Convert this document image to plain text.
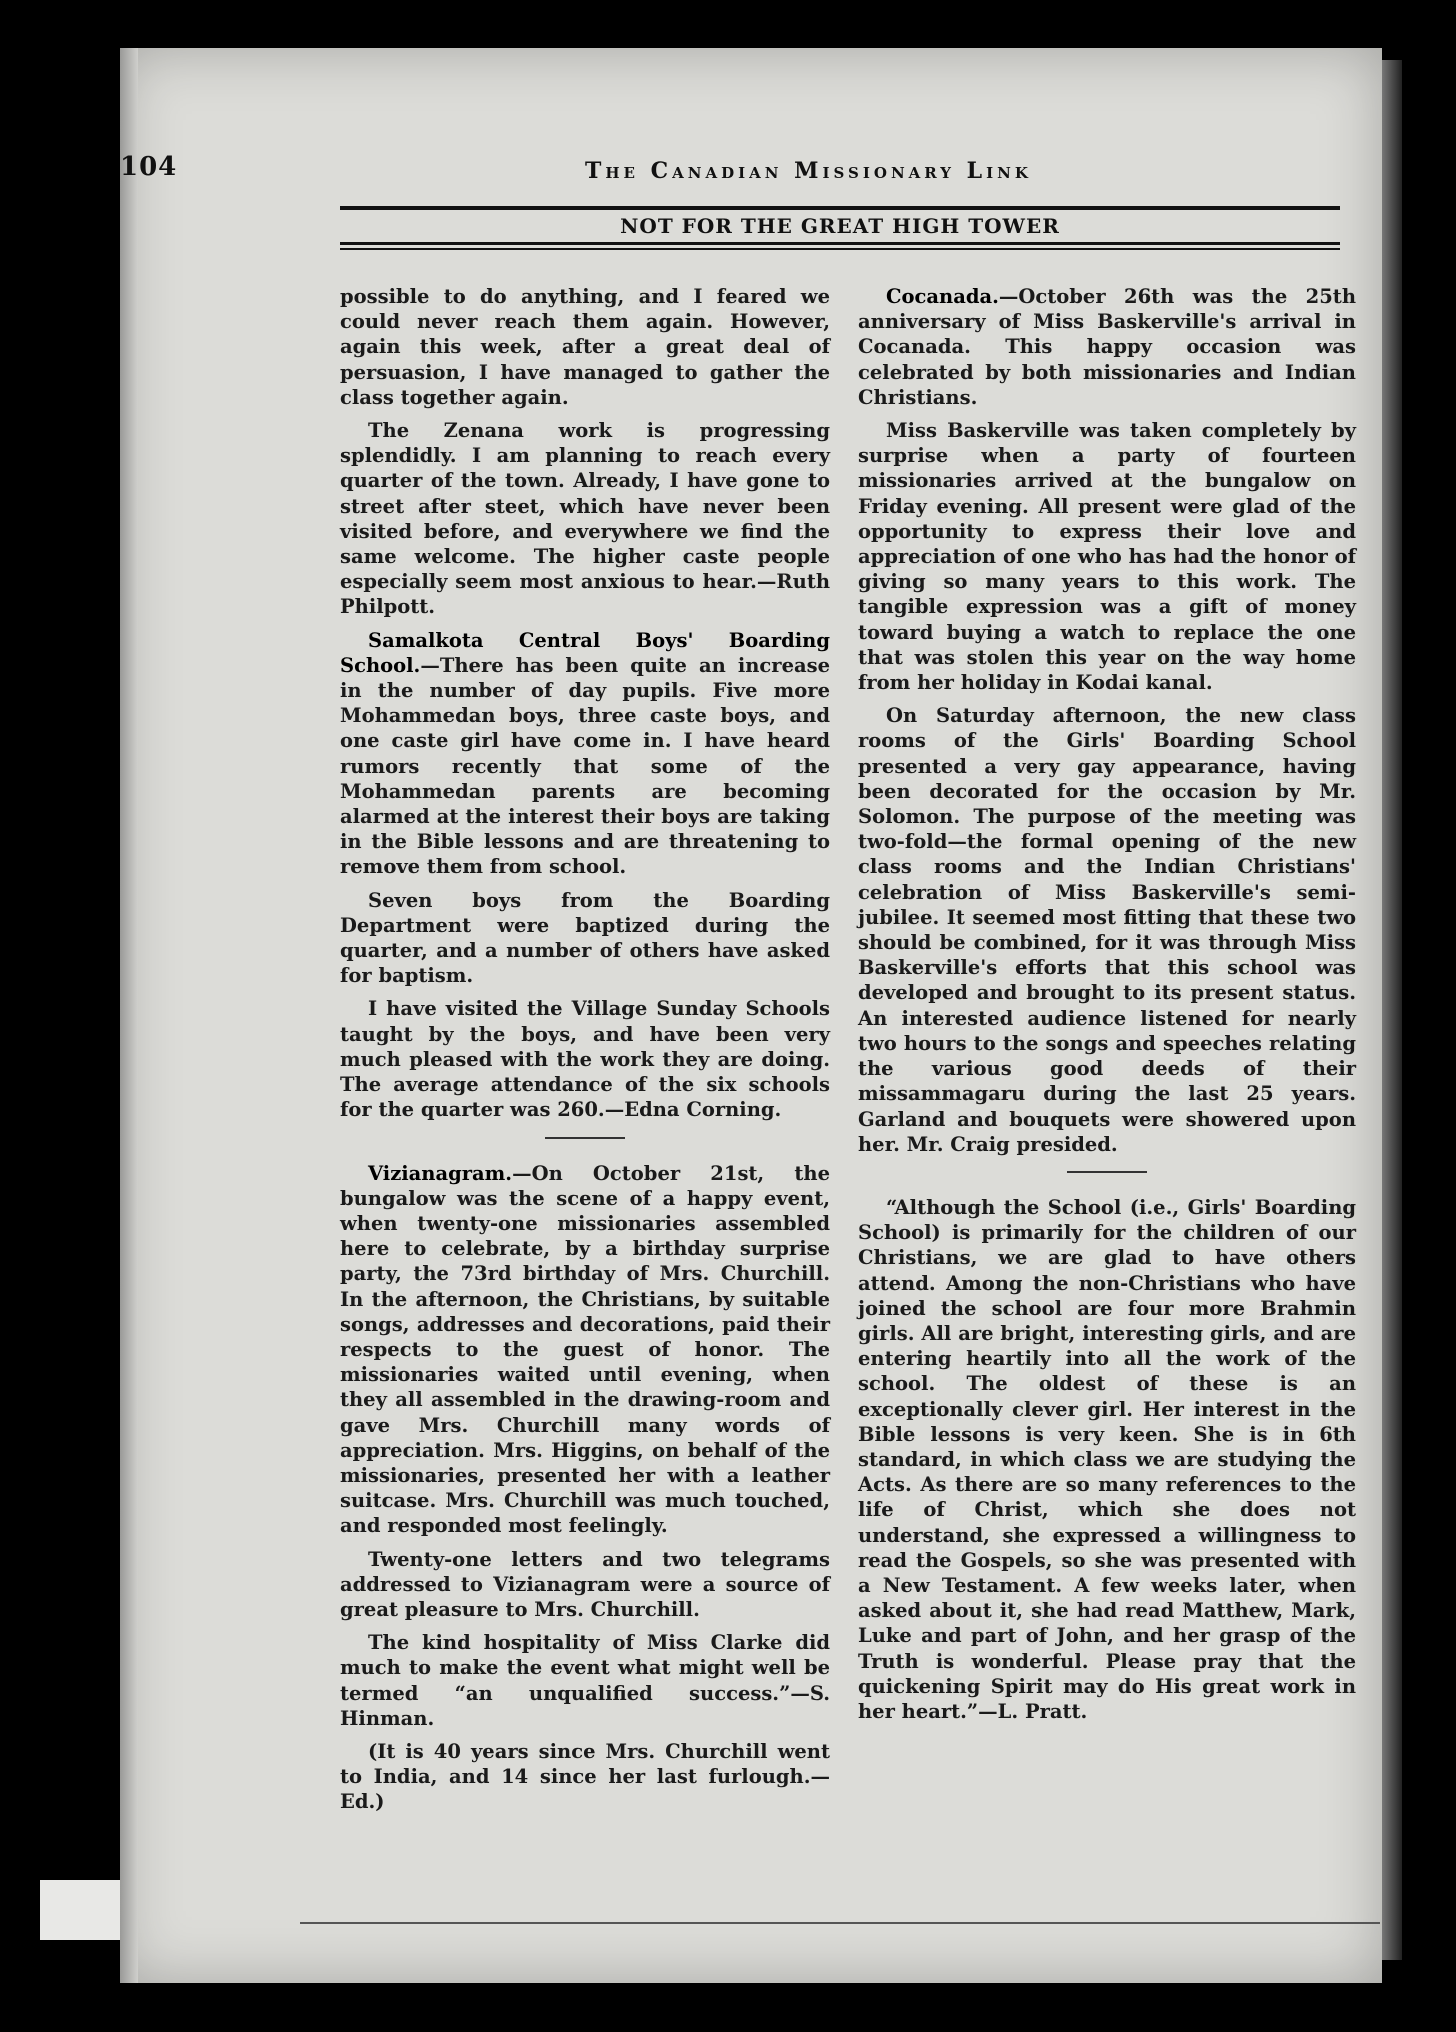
104	The Canadian Missionary Link
NOT FOR THE GREAT HIGH TOWER

possible to do anything, and I feared we could never reach them again. However, again this week, after a great deal of persuasion, I have managed to gather the class together again.

The Zenana work is progressing splendidly. I am planning to reach every quarter of the town. Already, I have gone to street after steet, which have never been visited before, and everywhere we find the same welcome. The higher caste people especially seem most anxious to hear.—Ruth Philpott.

Samalkota Central Boys' Boarding School.—There has been quite an increase in the number of day pupils. Five more Mohammedan boys, three caste boys, and one caste girl have come in. I have heard rumors recently that some of the Mohammedan parents are becoming alarmed at the interest their boys are taking in the Bible lessons and are threatening to remove them from school.

Seven boys from the Boarding Department were baptized during the quarter, and a number of others have asked for baptism.

I have visited the Village Sunday Schools taught by the boys, and have been very much pleased with the work they are doing. The average attendance of the six schools for the quarter was 260.—Edna Corning.

Vizianagram.—On October 21st, the bungalow was the scene of a happy event, when twenty-one missionaries assembled here to celebrate, by a birthday surprise party, the 73rd birthday of Mrs. Churchill. In the afternoon, the Christians, by suitable songs, addresses and decorations, paid their respects to the guest of honor. The missionaries waited until evening, when they all assembled in the drawing-room and gave Mrs. Churchill many words of appreciation. Mrs. Higgins, on behalf of the missionaries, presented her with a leather suitcase. Mrs. Churchill was much touched, and responded most feelingly.

Twenty-one letters and two telegrams addressed to Vizianagram were a source of great pleasure to Mrs. Churchill.

The kind hospitality of Miss Clarke did much to make the event what might well be termed “an unqualified success.”—S. Hinman.

(It is 40 years since Mrs. Churchill went to India, and 14 since her last furlough.—Ed.)

Cocanada.—October 26th was the 25th anniversary of Miss Baskerville's arrival in Cocanada. This happy occasion was celebrated by both missionaries and Indian Christians.

Miss Baskerville was taken completely by surprise when a party of fourteen missionaries arrived at the bungalow on Friday evening. All present were glad of the opportunity to express their love and appreciation of one who has had the honor of giving so many years to this work. The tangible expression was a gift of money toward buying a watch to replace the one that was stolen this year on the way home from her holiday in Kodai kanal.

On Saturday afternoon, the new class rooms of the Girls' Boarding School presented a very gay appearance, having been decorated for the occasion by Mr. Solomon. The purpose of the meeting was two-fold—the formal opening of the new class rooms and the Indian Christians' celebration of Miss Baskerville's semi-jubilee. It seemed most fitting that these two should be combined, for it was through Miss Baskerville's efforts that this school was developed and brought to its present status. An interested audience listened for nearly two hours to the songs and speeches relating the various good deeds of their missammagaru during the last 25 years. Garland and bouquets were showered upon her. Mr. Craig presided.

“Although the School (i.e., Girls' Boarding School) is primarily for the children of our Christians, we are glad to have others attend. Among the non-Christians who have joined the school are four more Brahmin girls. All are bright, interesting girls, and are entering heartily into all the work of the school. The oldest of these is an exceptionally clever girl. Her interest in the Bible lessons is very keen. She is in 6th standard, in which class we are studying the Acts. As there are so many references to the life of Christ, which she does not understand, she expressed a willingness to read the Gospels, so she was presented with a New Testament. A few weeks later, when asked about it, she had read Matthew, Mark, Luke and part of John, and her grasp of the Truth is wonderful. Please pray that the quickening Spirit may do His great work in her heart.”—L. Pratt.
